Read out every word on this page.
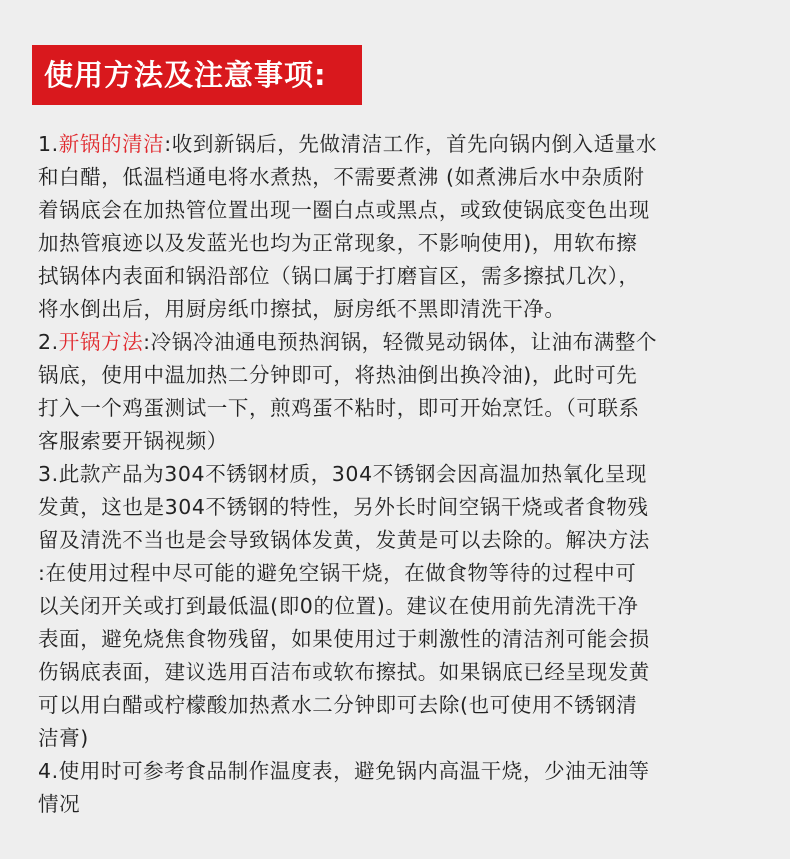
使用方法及注意事项:

1.新锅的清洁:收到新锅后，先做清洁工作，首先向锅内倒入适量水

和白醋，低温档通电将水煮热，不需要煮沸 (如煮沸后水中杂质附

着锅底会在加热管位置出现一圈白点或黑点，或致使锅底变色出现

加热管痕迹以及发蓝光也均为正常现象，不影响使用)，用软布擦

拭锅体内表面和锅沿部位（锅口属于打磨盲区，需多擦拭几次），

将水倒出后，用厨房纸巾擦拭，厨房纸不黑即清洗干净。

2.开锅方法:冷锅冷油通电预热润锅，轻微晃动锅体，让油布满整个

锅底，使用中温加热二分钟即可，将热油倒出换冷油)，此时可先

打入一个鸡蛋测试一下，煎鸡蛋不粘时，即可开始烹饪。（可联系

客服索要开锅视频）

3.此款产品为304不锈钢材质，304不锈钢会因高温加热氧化呈现

发黄，这也是304不锈钢的特性，另外长时间空锅干烧或者食物残

留及清洗不当也是会导致锅体发黄，发黄是可以去除的。解决方法

:在使用过程中尽可能的避免空锅干烧，在做食物等待的过程中可

以关闭开关或打到最低温(即0的位置)。建议在使用前先清洗干净

表面，避免烧焦食物残留，如果使用过于刺激性的清洁剂可能会损

伤锅底表面，建议选用百洁布或软布擦拭。如果锅底已经呈现发黄

可以用白醋或柠檬酸加热煮水二分钟即可去除(也可使用不锈钢清

洁膏)

4.使用时可参考食品制作温度表，避免锅内高温干烧，少油无油等

情况
